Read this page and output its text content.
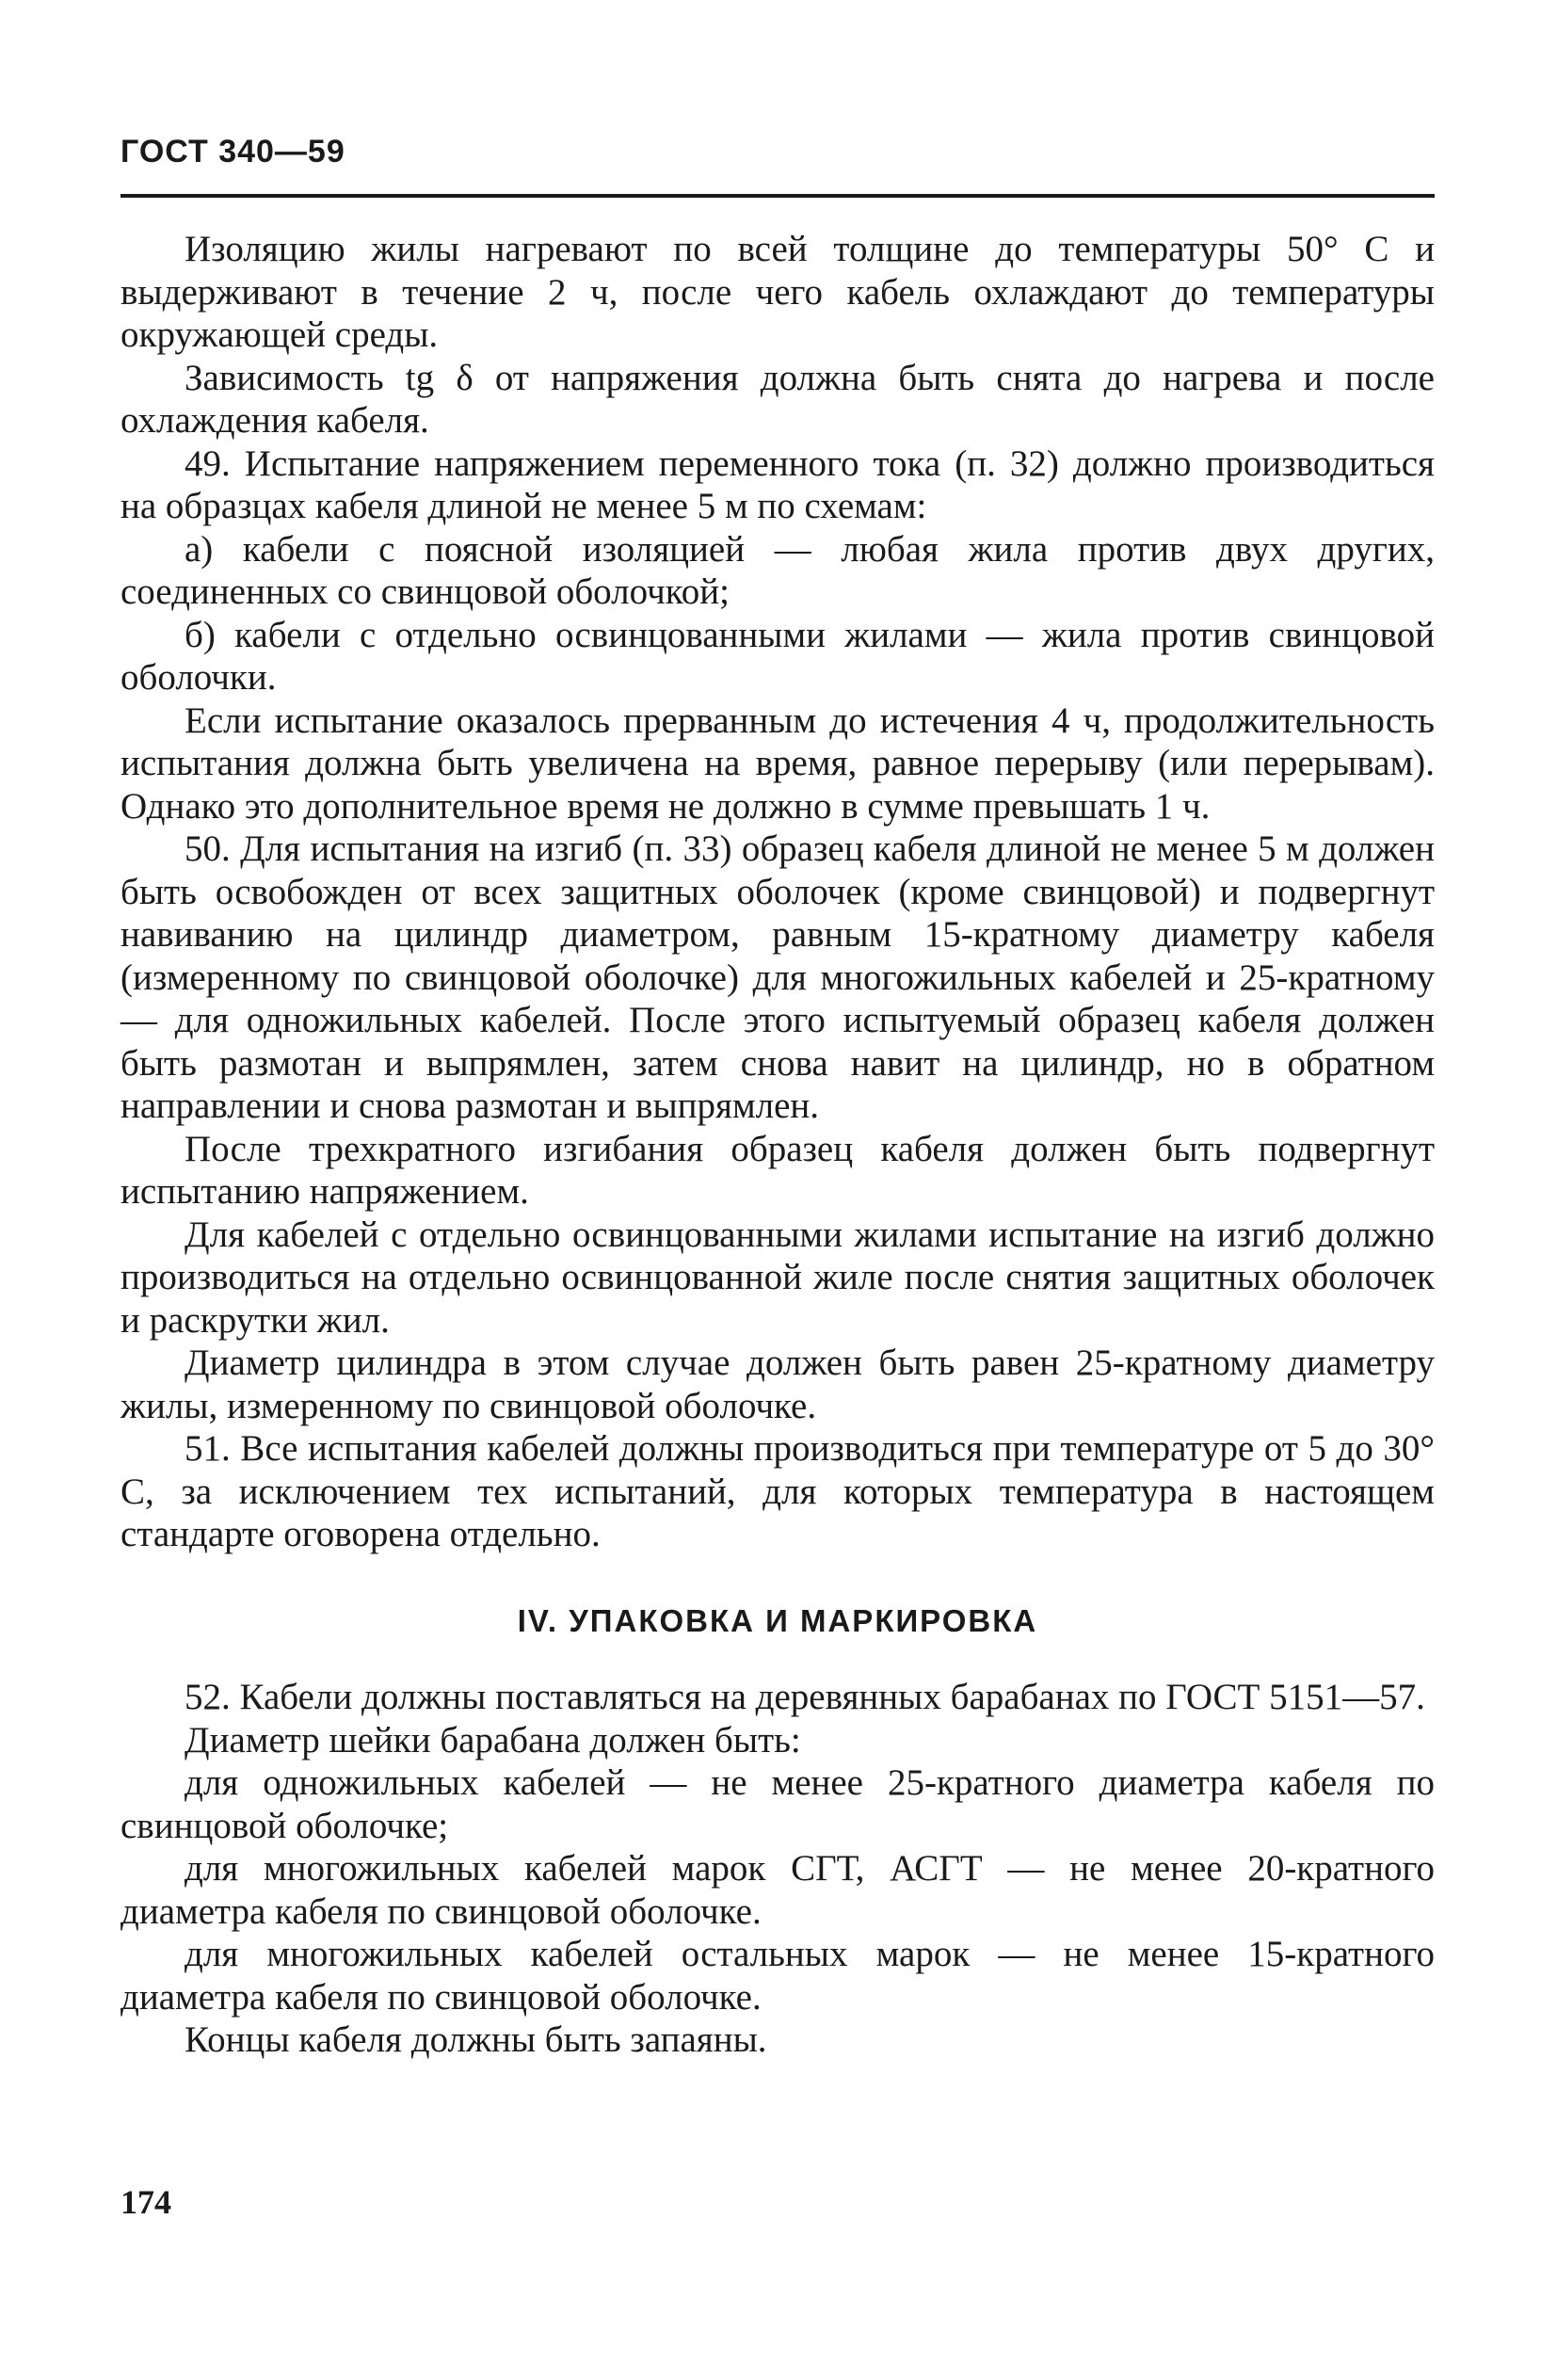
ГОСТ 340—59

Изоляцию жилы нагревают по всей толщине до температуры 50° С и выдерживают в течение 2 ч, после чего кабель охлаждают до температуры окружающей среды.

Зависимость tg δ от напряжения должна быть снята до нагрева и после охлаждения кабеля.

49. Испытание напряжением переменного тока (п. 32) должно производиться на образцах кабеля длиной не менее 5 м по схемам:

а) кабели с поясной изоляцией — любая жила против двух других, соединенных со свинцовой оболочкой;

б) кабели с отдельно освинцованными жилами — жила против свинцовой оболочки.

Если испытание оказалось прерванным до истечения 4 ч, продолжительность испытания должна быть увеличена на время, равное перерыву (или перерывам). Однако это дополнительное время не должно в сумме превышать 1 ч.

50. Для испытания на изгиб (п. 33) образец кабеля длиной не менее 5 м должен быть освобожден от всех защитных оболочек (кроме свинцовой) и подвергнут навиванию на цилиндр диаметром, равным 15-кратному диаметру кабеля (измеренному по свинцовой оболочке) для многожильных кабелей и 25-кратному — для одножильных кабелей. После этого испытуемый образец кабеля должен быть размотан и выпрямлен, затем снова навит на цилиндр, но в обратном направлении и снова размотан и выпрямлен.

После трехкратного изгибания образец кабеля должен быть подвергнут испытанию напряжением.

Для кабелей с отдельно освинцованными жилами испытание на изгиб должно производиться на отдельно освинцованной жиле после снятия защитных оболочек и раскрутки жил.

Диаметр цилиндра в этом случае должен быть равен 25-кратному диаметру жилы, измеренному по свинцовой оболочке.

51. Все испытания кабелей должны производиться при температуре от 5 до 30° С, за исключением тех испытаний, для которых температура в настоящем стандарте оговорена отдельно.

IV. УПАКОВКА И МАРКИРОВКА

52. Кабели должны поставляться на деревянных барабанах по ГОСТ 5151—57.

Диаметр шейки барабана должен быть:

для одножильных кабелей — не менее 25-кратного диаметра кабеля по свинцовой оболочке;

для многожильных кабелей марок СГТ, АСГТ — не менее 20-кратного диаметра кабеля по свинцовой оболочке.

для многожильных кабелей остальных марок — не менее 15-кратного диаметра кабеля по свинцовой оболочке.

Концы кабеля должны быть запаяны.

174
